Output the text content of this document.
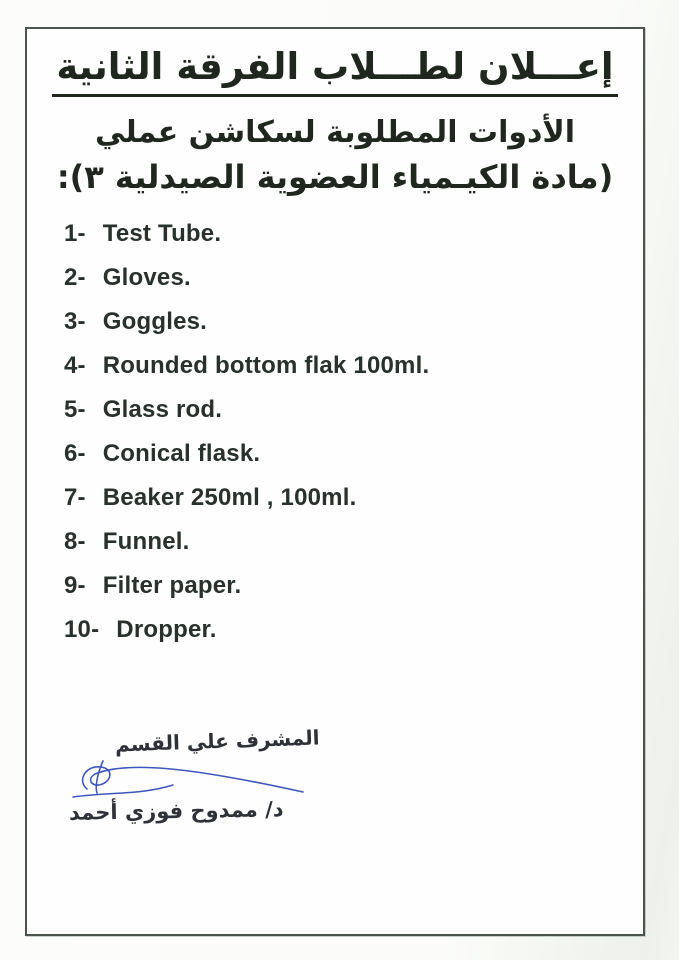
إعـــلان لطـــلاب الفرقة الثانية
الأدوات المطلوبة لسكاشن عملي
(مادة الكيـمياء العضوية الصيدلية ٣):
1- Test Tube.
2- Gloves.
3- Goggles.
4- Rounded bottom flak 100ml.
5- Glass rod.
6- Conical flask.
7- Beaker 250ml , 100ml.
8- Funnel.
9- Filter paper.
10- Dropper.
المشرف علي القسم
د/ ممدوح فوزي أحمد
